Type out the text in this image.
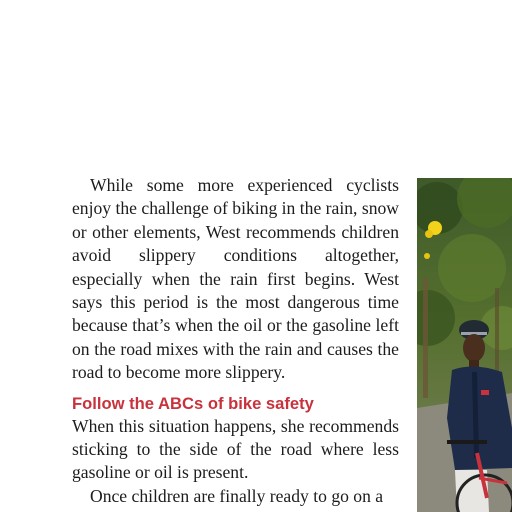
While some more experienced cyclists enjoy the challenge of biking in the rain, snow or other elements, West recommends children avoid slippery conditions altogether, especially when the rain first begins. West says this period is the most dangerous time because that’s when the oil or the gasoline left on the road mixes with the rain and causes the road to become more slippery.

Follow the ABCs of bike safety

When this situation happens, she recommends sticking to the side of the road where less gasoline or oil is present.

Once children are finally ready to go on a
